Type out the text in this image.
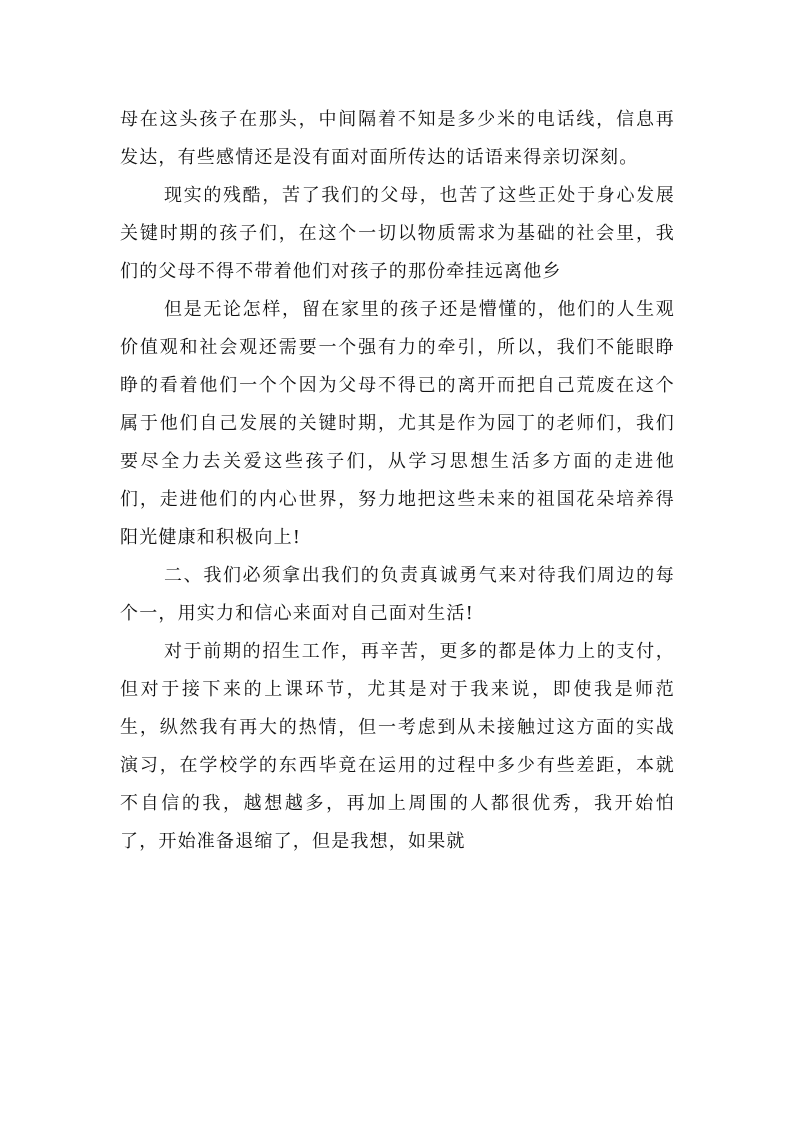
母在这头孩子在那头，中间隔着不知是多少米的电话线，信息再发达，有些感情还是没有面对面所传达的话语来得亲切深刻。

现实的残酷，苦了我们的父母，也苦了这些正处于身心发展关键时期的孩子们，在这个一切以物质需求为基础的社会里，我们的父母不得不带着他们对孩子的那份牵挂远离他乡

但是无论怎样，留在家里的孩子还是懵懂的，他们的人生观价值观和社会观还需要一个强有力的牵引，所以，我们不能眼睁睁的看着他们一个个因为父母不得已的离开而把自己荒废在这个属于他们自己发展的关键时期，尤其是作为园丁的老师们，我们要尽全力去关爱这些孩子们，从学习思想生活多方面的走进他们，走进他们的内心世界，努力地把这些未来的祖国花朵培养得阳光健康和积极向上!

二、我们必须拿出我们的负责真诚勇气来对待我们周边的每个一，用实力和信心来面对自己面对生活!

对于前期的招生工作，再辛苦，更多的都是体力上的支付，但对于接下来的上课环节，尤其是对于我来说，即使我是师范生，纵然我有再大的热情，但一考虑到从未接触过这方面的实战演习，在学校学的东西毕竟在运用的过程中多少有些差距，本就不自信的我，越想越多，再加上周围的人都很优秀，我开始怕了，开始准备退缩了，但是我想，如果就
